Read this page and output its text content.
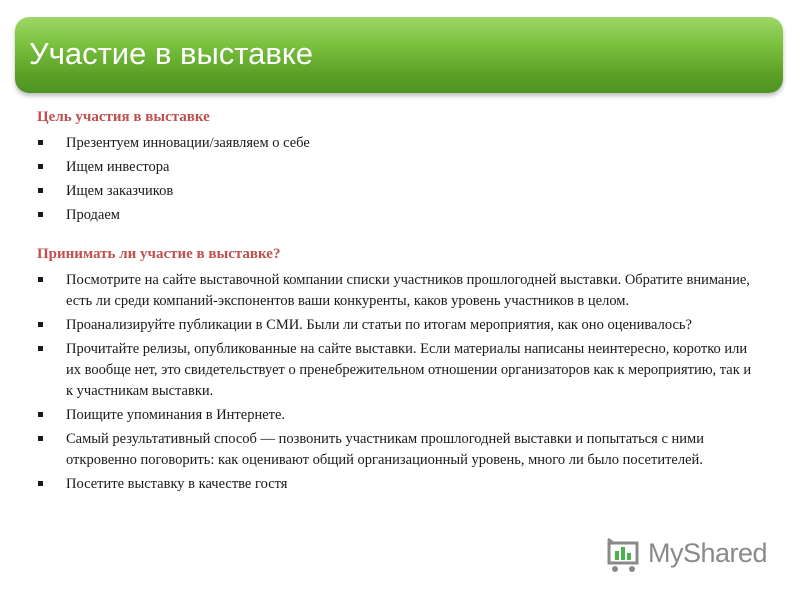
Участие в выставке
Цель участия в выставке
Презентуем инновации/заявляем о себе
Ищем инвестора
Ищем заказчиков
Продаем
Принимать ли участие в выставке?
Посмотрите на сайте выставочной компании списки участников прошлогодней выставки. Обратите внимание, есть ли среди компаний-экспонентов ваши конкуренты, каков уровень участников в целом.
Проанализируйте публикации в СМИ. Были ли статьи по итогам мероприятия, как оно оценивалось?
Прочитайте релизы, опубликованные на сайте выставки. Если материалы написаны неинтересно, коротко или их вообще нет, это свидетельствует о пренебрежительном отношении организаторов как к мероприятию, так и к участникам выставки.
Поищите упоминания в Интернете.
Самый результативный способ — позвонить участникам прошлогодней выставки и попытаться с ними откровенно поговорить: как оценивают общий организационный уровень, много ли было посетителей.
Посетите выставку в качестве гостя
MyShared
